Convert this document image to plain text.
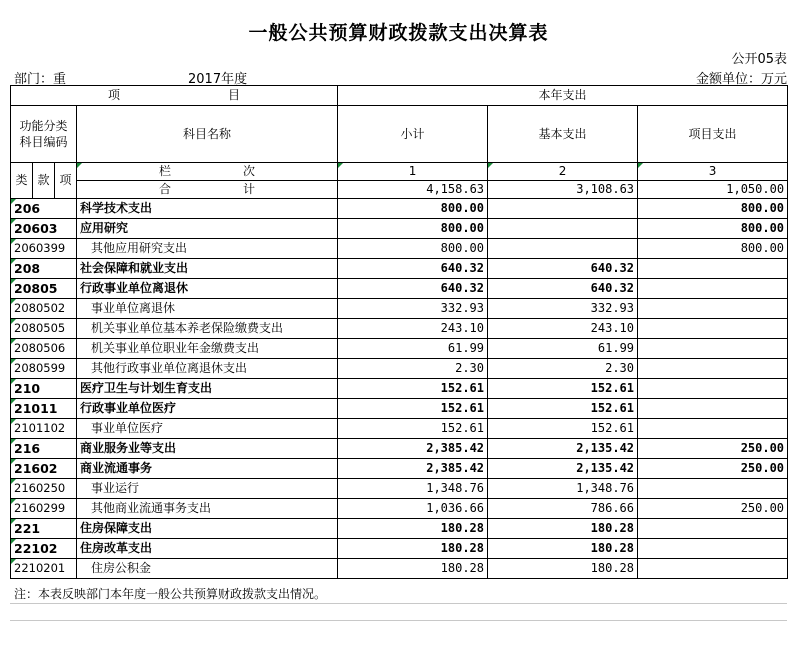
一般公共预算财政拨款支出决算表
公开05表
部门：重	2017年度	金额单位：万元
项　　　　　　　　　目				本年支出		
功能分类科目编码			科目名称	小计	基本支出	项目支出
类	款	项	栏　　　　　　次	1	2	3
			合　　　　　　计	4,158.63	3,108.63	1,050.00
206			科学技术支出	800.00		800.00
20603			应用研究	800.00		800.00
2060399			其他应用研究支出	800.00		800.00
208			社会保障和就业支出	640.32	640.32	
20805			行政事业单位离退休	640.32	640.32	
2080502			事业单位离退休	332.93	332.93	
2080505			机关事业单位基本养老保险缴费支出	243.10	243.10	
2080506			机关事业单位职业年金缴费支出	61.99	61.99	
2080599			其他行政事业单位离退休支出	2.30	2.30	
210			医疗卫生与计划生育支出	152.61	152.61	
21011			行政事业单位医疗	152.61	152.61	
2101102			事业单位医疗	152.61	152.61	
216			商业服务业等支出	2,385.42	2,135.42	250.00
21602			商业流通事务	2,385.42	2,135.42	250.00
2160250			事业运行	1,348.76	1,348.76	
2160299			其他商业流通事务支出	1,036.66	786.66	250.00
221			住房保障支出	180.28	180.28	
22102			住房改革支出	180.28	180.28	
2210201			住房公积金	180.28	180.28	
注：本表反映部门本年度一般公共预算财政拨款支出情况。
